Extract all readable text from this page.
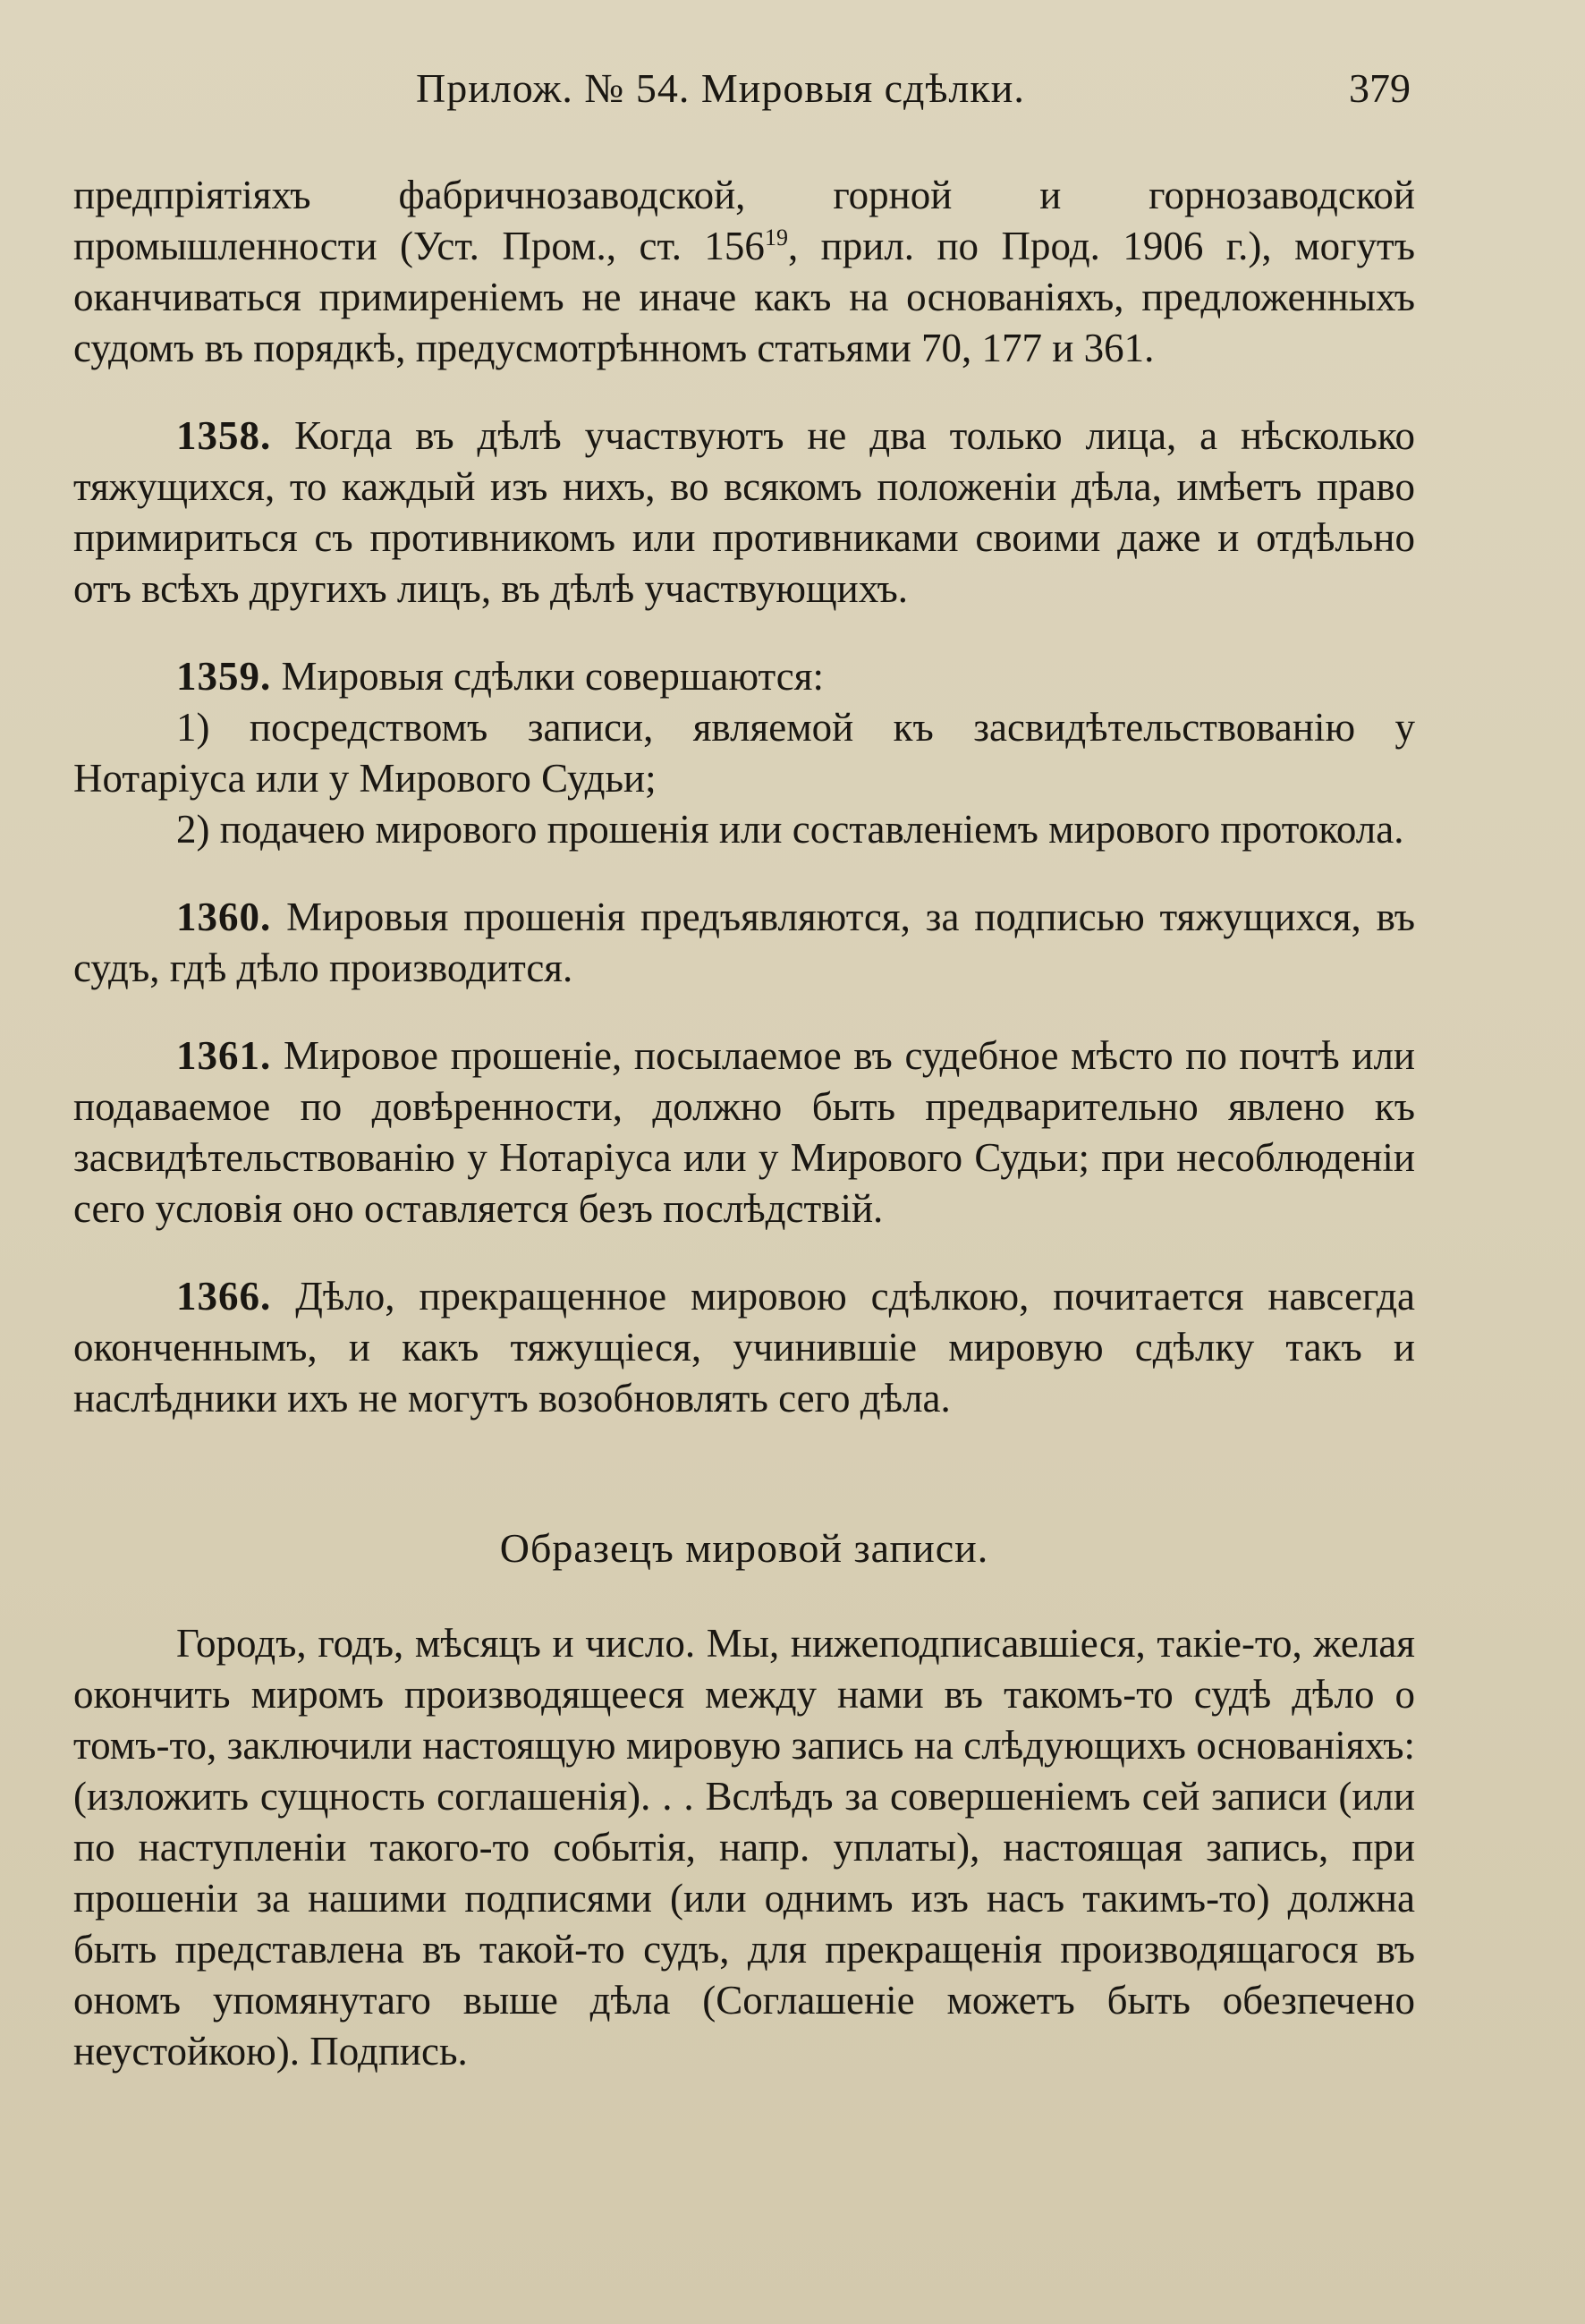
Прилож. № 54. Мировыя сдѣлки.	379

предпріятіяхъ фабричнозаводской, горной и горнозаводской промышленности (Уст. Пром., ст. $156^{19}$, прил. по Прод. 1906 г.), могутъ оканчиваться примиреніемъ не иначе какъ на основаніяхъ, предложенныхъ судомъ въ порядкѣ, предусмотрѣнномъ статьями 70, 177 и 361.

1358. Когда въ дѣлѣ участвуютъ не два только лица, а нѣсколько тяжущихся, то каждый изъ нихъ, во всякомъ положеніи дѣла, имѣетъ право примириться съ противникомъ или противниками своими даже и отдѣльно отъ всѣхъ другихъ лицъ, въ дѣлѣ участвующихъ.

1359. Мировыя сдѣлки совершаются:

1) посредствомъ записи, являемой къ засвидѣтельствованію у Нотаріуса или у Мирового Судьи;

2) подачею мирового прошенія или составленіемъ мирового протокола.

1360. Мировыя прошенія предъявляются, за подписью тяжущихся, въ судъ, гдѣ дѣло производится.

1361. Мировое прошеніе, посылаемое въ судебное мѣсто по почтѣ или подаваемое по довѣренности, должно быть предварительно явлено къ засвидѣтельствованію у Нотаріуса или у Мирового Судьи; при несоблюденіи сего условія оно оставляется безъ послѣдствій.

1366. Дѣло, прекращенное мировою сдѣлкою, почитается навсегда оконченнымъ, и какъ тяжущіеся, учинившіе мировую сдѣлку такъ и наслѣдники ихъ не могутъ возобновлять сего дѣла.

Образецъ мировой записи.

Городъ, годъ, мѣсяцъ и число. Мы, нижеподписавшіеся, такіе-то, желая окончить миромъ производящееся между нами въ такомъ-то судѣ дѣло о томъ-то, заключили настоящую мировую запись на слѣдующихъ основаніяхъ: (изложить сущность соглашенія). . . Вслѣдъ за совершеніемъ сей записи (или по наступленіи такого-то событія, напр. уплаты), настоящая запись, при прошеніи за нашими подписями (или однимъ изъ насъ такимъ-то) должна быть представлена въ такой-то судъ, для прекращенія производящагося въ ономъ упомянутаго выше дѣла (Соглашеніе можетъ быть обезпечено неустойкою). Подпись.
